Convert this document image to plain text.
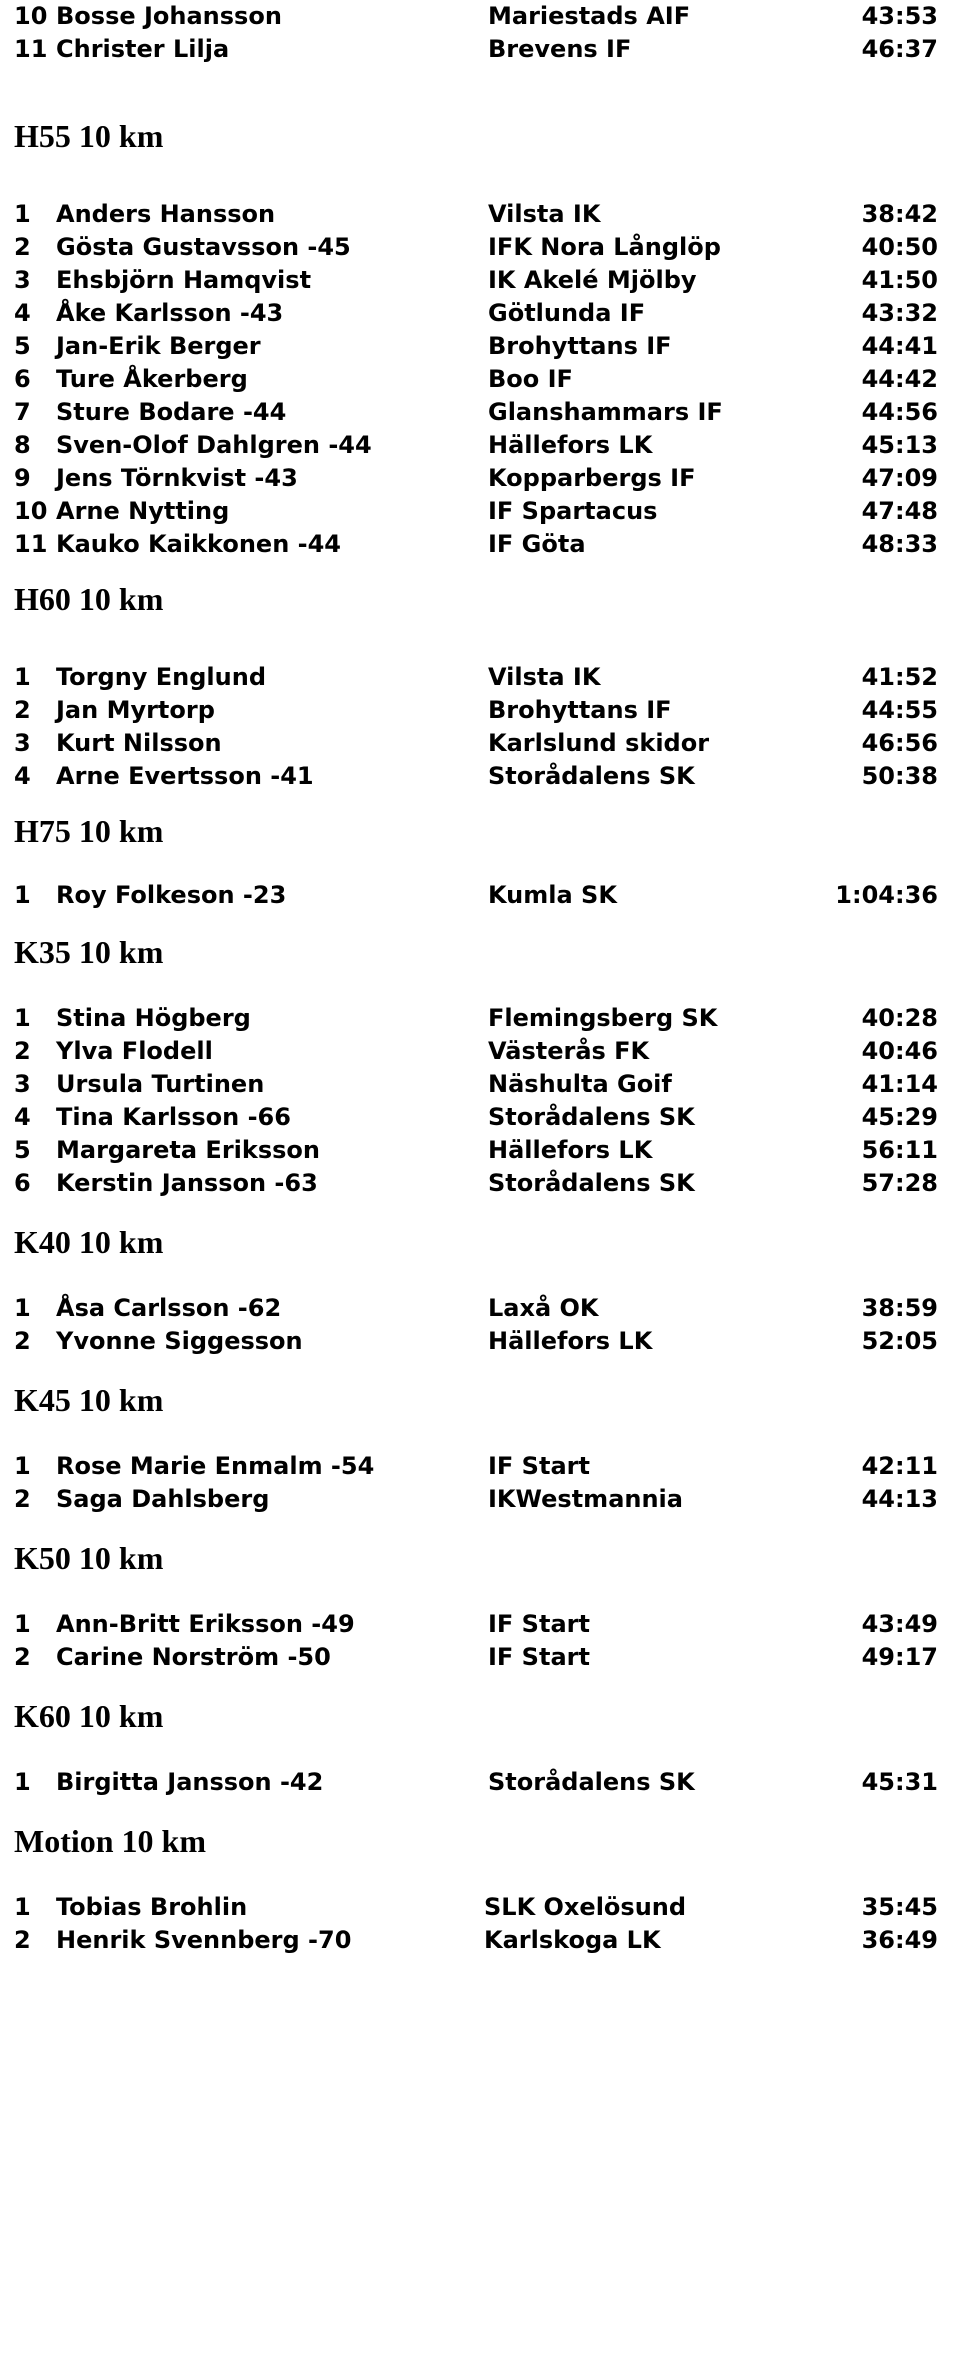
10 Bosse Johansson	Mariestads AIF	43:53
11 Christer Lilja	Brevens IF	46:37
H55 10 km
1	Anders Hansson	Vilsta IK	38:42
2	Gösta Gustavsson -45	IFK Nora Långlöp	40:50
3	Ehsbjörn Hamqvist	IK Akelé Mjölby	41:50
4	Åke Karlsson -43	Götlunda IF	43:32
5	Jan-Erik Berger	Brohyttans IF	44:41
6	Ture Åkerberg	Boo IF	44:42
7	Sture Bodare -44	Glanshammars IF	44:56
8	Sven-Olof Dahlgren -44	Hällefors LK	45:13
9	Jens Törnkvist -43	Kopparbergs IF	47:09
10 Arne Nytting	IF Spartacus	47:48
11 Kauko Kaikkonen -44	IF Göta	48:33
H60 10 km
1	Torgny Englund	Vilsta IK	41:52
2	Jan Myrtorp	Brohyttans IF	44:55
3	Kurt Nilsson	Karlslund skidor	46:56
4	Arne Evertsson -41	Storådalens SK	50:38
H75 10 km
1	Roy Folkeson -23	Kumla SK	1:04:36
K35 10 km
1	Stina Högberg	Flemingsberg SK	40:28
2	Ylva Flodell	Västerås FK	40:46
3	Ursula Turtinen	Näshulta Goif	41:14
4	Tina Karlsson -66	Storådalens SK	45:29
5	Margareta Eriksson	Hällefors LK	56:11
6	Kerstin Jansson -63	Storådalens SK	57:28
K40 10 km
1	Åsa Carlsson -62	Laxå OK	38:59
2	Yvonne Siggesson	Hällefors LK	52:05
K45 10 km
1	Rose Marie Enmalm -54	IF Start	42:11
2	Saga Dahlsberg	IKWestmannia	44:13
K50 10 km
1	Ann-Britt Eriksson -49	IF Start	43:49
2	Carine Norström -50	IF Start	49:17
K60 10 km
1	Birgitta Jansson -42	Storådalens SK	45:31
Motion 10 km
1	Tobias Brohlin	SLK Oxelösund	35:45
2	Henrik Svennberg -70	Karlskoga LK	36:49
